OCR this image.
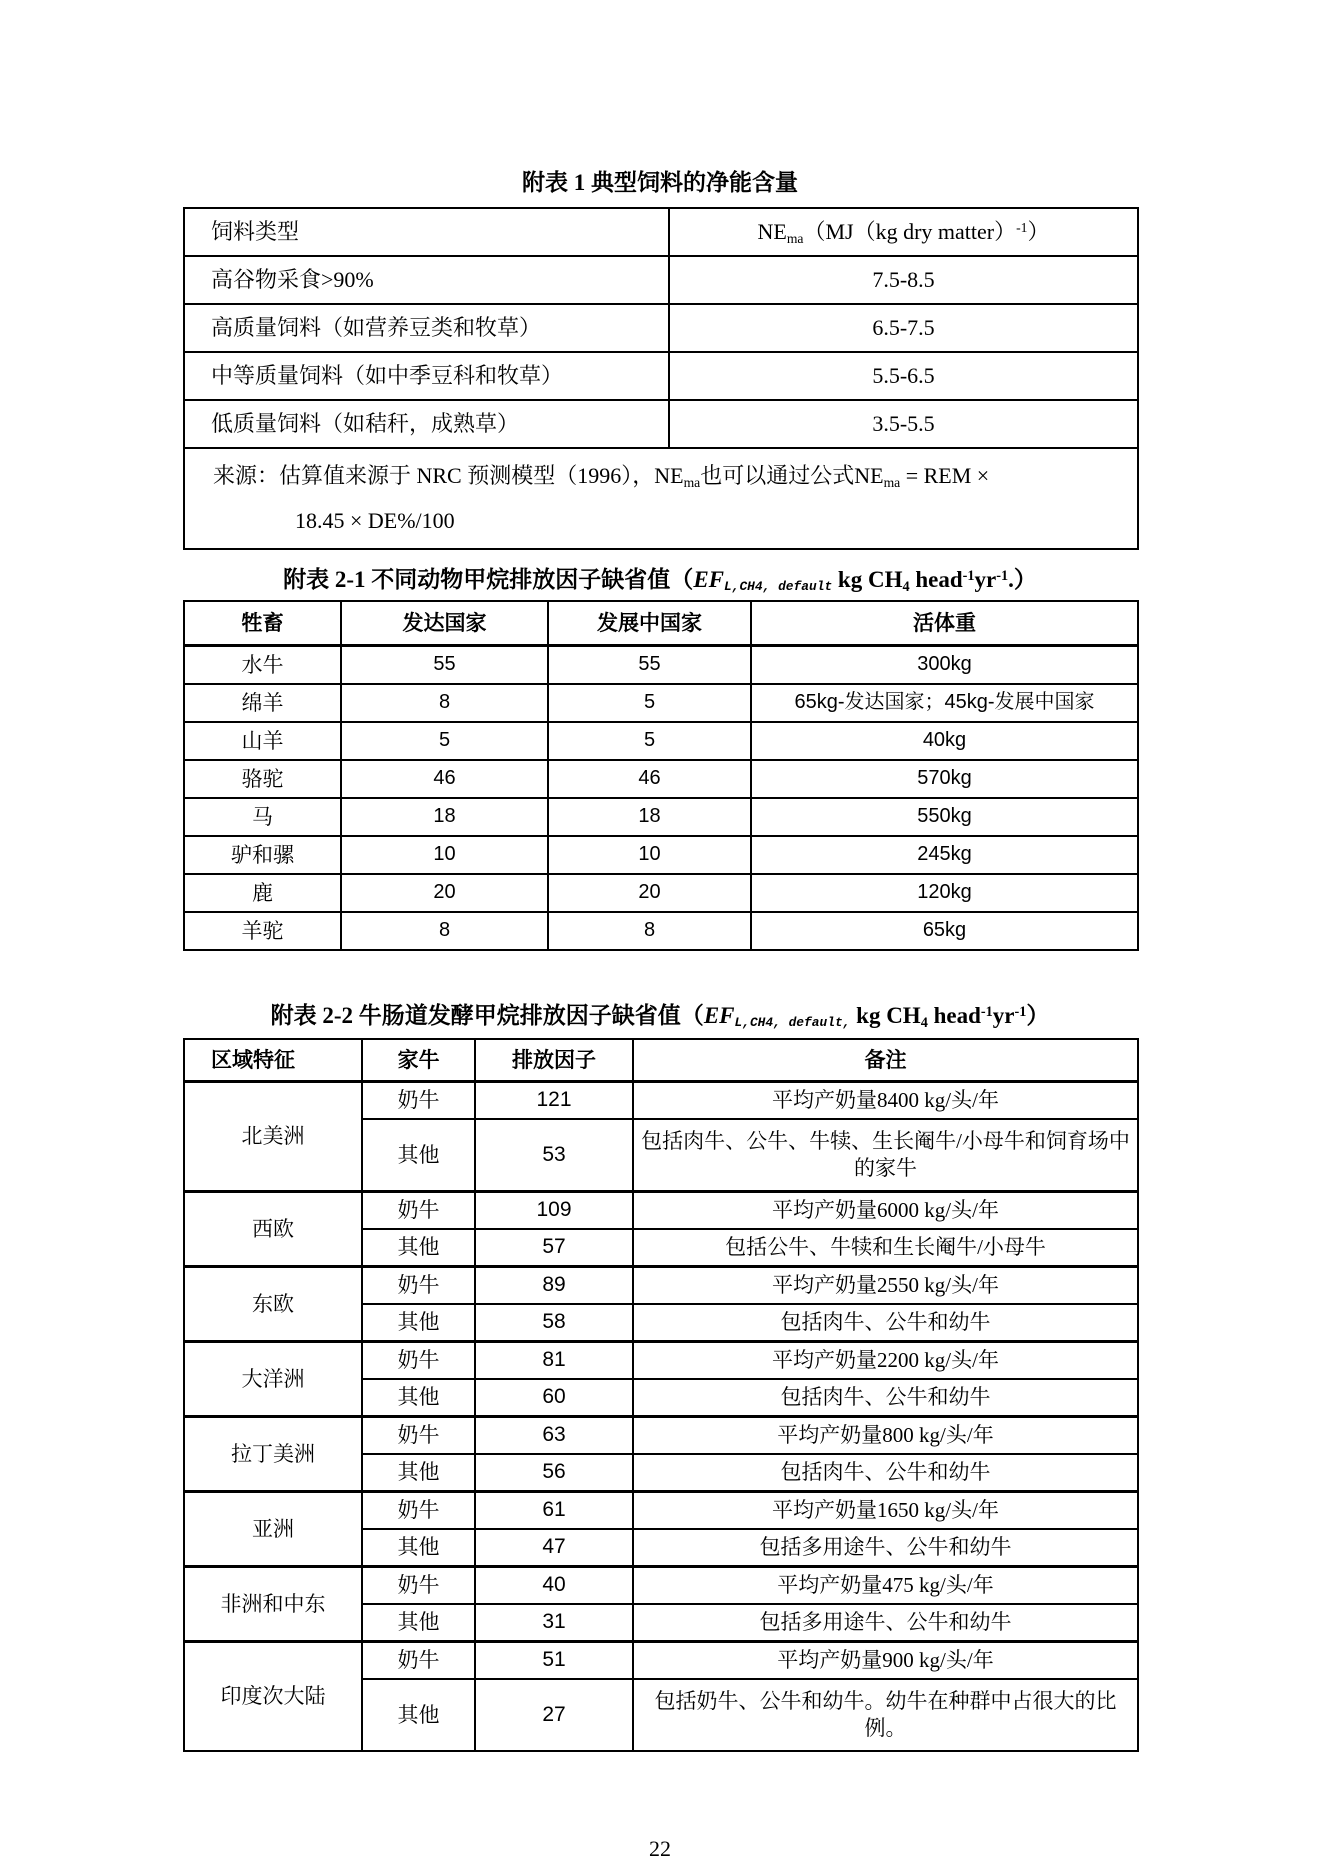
附表 1 典型饲料的净能含量
饲料类型	NEma（MJ（kg dry matter）$^{-1}$）
高谷物采食>90%	7.5-8.5
高质量饲料（如营养豆类和牧草）	6.5-7.5
中等质量饲料（如中季豆科和牧草）	5.5-6.5
低质量饲料（如秸秆，成熟草）	3.5-5.5

来源：估算值来源于 NRC 预测模型（1996），NEma也可以通过公式NEma = REM ×
18.45 × DE%/100	
附表 2-1 不同动物甲烷排放因子缺省值（EFL,CH4, default kg CH4 $head^{-1}yr^{-1}$.）
牲畜	发达国家	发展中国家	活体重
水牛	55	55	300kg
绵羊	8	5	65kg-发达国家；45kg-发展中国家
山羊	5	5	40kg
骆驼	46	46	570kg
马	18	18	550kg
驴和骡	10	10	245kg
鹿	20	20	120kg
羊驼	8	8	65kg
附表 2-2 牛肠道发酵甲烷排放因子缺省值（EFL,CH4, default, kg CH4 $head^{-1}yr^{-1}$）
区域特征	家牛	排放因子	备注
北美洲	奶牛	121	平均产奶量8400 kg/头/年
	其他	53	包括肉牛、公牛、牛犊、生长阉牛/小母牛和饲育场中的家牛
西欧	奶牛	109	平均产奶量6000 kg/头/年
	其他	57	包括公牛、牛犊和生长阉牛/小母牛
东欧	奶牛	89	平均产奶量2550 kg/头/年
	其他	58	包括肉牛、公牛和幼牛
大洋洲	奶牛	81	平均产奶量2200 kg/头/年
	其他	60	包括肉牛、公牛和幼牛
拉丁美洲	奶牛	63	平均产奶量800 kg/头/年
	其他	56	包括肉牛、公牛和幼牛
亚洲	奶牛	61	平均产奶量1650 kg/头/年
	其他	47	包括多用途牛、公牛和幼牛
非洲和中东	奶牛	40	平均产奶量475 kg/头/年
	其他	31	包括多用途牛、公牛和幼牛
印度次大陆	奶牛	51	平均产奶量900 kg/头/年
	其他	27	包括奶牛、公牛和幼牛。幼牛在种群中占很大的比例。
22
